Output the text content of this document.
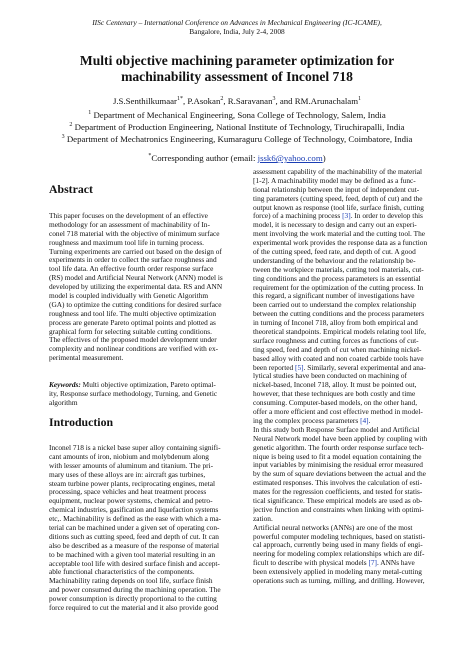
IISc Centenary – International Conference on Advances in Mechanical Engineering (IC-ICAME),
Bangalore, India, July 2-4, 2008
Multi objective machining parameter optimization for
machinability assessment of Inconel 718
J.S.Senthilkumaar$^{1*}$, P.Asokan$^2$, R.Saravanan$^3$, and RM.Arunachalam$^1$
$^1$ Department of Mechanical Engineering, Sona College of Technology, Salem, India
$^2$ Department of Production Engineering, National Institute of Technology, Tiruchirapalli, India
$^3$ Department of Mechatronics Engineering, Kumaraguru College of Technology, Coimbatore, India
*Corresponding author (email: jssk6@yahoo.com)
Abstract
This paper focuses on the development of an effective
methodology for an assessment of machinability of In-
conel 718 material with the objective of minimum surface
roughness and maximum tool life in turning process.
Turning experiments are carried out based on the design of
experiments in order to collect the surface roughness and
tool life data. An effective fourth order response surface
(RS) model and Artificial Neural Network (ANN) model is
developed by utilizing the experimental data. RS and ANN
model is coupled individually with Genetic Algorithm
(GA) to optimize the cutting conditions for desired surface
roughness and tool life. The multi objective optimization
process are generate Pareto optimal points and plotted as
graphical form for selecting suitable cutting conditions.
The effectives of the proposed model development under
complexity and nonlinear conditions are verified with ex-
perimental measurement.
Keywords: Multi objective optimization, Pareto optimal-
ity, Response surface methodology, Turning, and Genetic
algorithm
Introduction
Inconel 718 is a nickel base super alloy containing signifi-
cant amounts of iron, niobium and molybdenum along
with lesser amounts of aluminum and titanium. The pri-
mary uses of these alloys are in: aircraft gas turbines,
steam turbine power plants, reciprocating engines, metal
processing, space vehicles and heat treatment process
equipment, nuclear power systems, chemical and petro-
chemical industries, gasification and liquefaction systems
etc,. Machinability is defined as the ease with which a ma-
terial can be machined under a given set of operating con-
ditions such as cutting speed, feed and depth of cut. It can
also be described as a measure of the response of material
to be machined with a given tool material resulting in an
acceptable tool life with desired surface finish and accept-
able functional characteristics of the components.
Machinability rating depends on tool life, surface finish
and power consumed during the machining operation. The
power consumption is directly proportional to the cutting
force required to cut the material and it also provide good
assessment capability of the machinability of the material
[1-2]. A machinability model may be defined as a func-
tional relationship between the input of independent cut-
ting parameters (cutting speed, feed, depth of cut) and the
output known as response (tool life, surface finish, cutting
force) of a machining process [3]. In order to develop this
model, it is necessary to design and carry out an experi-
ment involving the work material and the cutting tool. The
experimental work provides the response data as a function
of the cutting speed, feed rate, and depth of cut. A good
understanding of the behaviour and the relationship be-
tween the workpiece materials, cutting tool materials, cut-
ting conditions and the process parameters is an essential
requirement for the optimization of the cutting process. In
this regard, a significant number of investigations have
been carried out to understand the complex relationship
between the cutting conditions and the process parameters
in turning of Inconel 718, alloy from both empirical and
theoretical standpoints. Empirical models relating tool life,
surface roughness and cutting forces as functions of cut-
ting speed, feed and depth of cut when machining nickel-
based alloy with coated and non coated carbide tools have
been reported [5]. Similarly, several experimental and ana-
lytical studies have been conducted on machining of
nickel-based, Inconel 718, alloy. It must be pointed out,
however, that these techniques are both costly and time
consuming. Computer-based models, on the other hand,
offer a more efficient and cost effective method in model-
ing the complex process parameters [4].
In this study both Response Surface model and Artificial
Neural Network model have been applied by coupling with
genetic algorithm. The fourth order response surface tech-
nique is being used to fit a model equation containing the
input variables by minimising the residual error measured
by the sum of square deviations between the actual and the
estimated responses. This involves the calculation of esti-
mates for the regression coefficients, and tested for statis-
tical significance. These empirical models are used as ob-
jective function and constraints when linking with optimi-
zation.
Artificial neural networks (ANNs) are one of the most
powerful computer modeling techniques, based on statisti-
cal approach, currently being used in many fields of engi-
neering for modeling complex relationships which are dif-
ficult to describe with physical models [7]. ANNs have
been extensively applied in modeling many metal-cutting
operations such as turning, milling, and drilling. However,
